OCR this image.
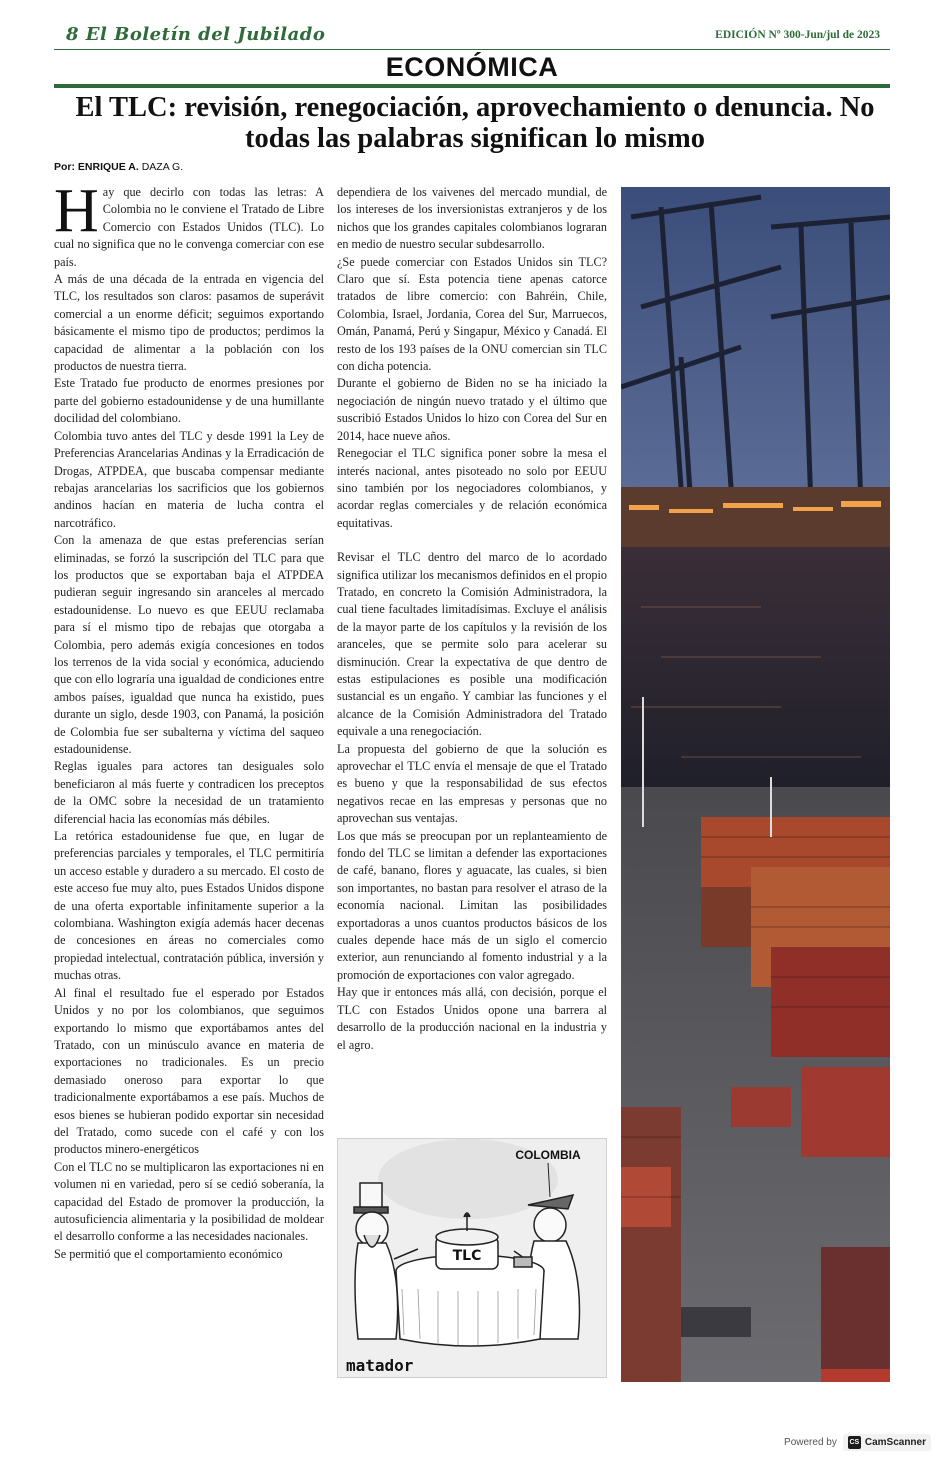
8 El Boletín del Jubilado	EDICIÓN Nº 300-Jun/jul de 2023
ECONÓMICA
El TLC: revisión, renegociación, aprovechamiento o denuncia. No todas las palabras significan lo mismo
Por: ENRIQUE A. DAZA G.

Hay que decirlo con todas las letras: A Colombia no le conviene el Tratado de Libre Comercio con Estados Unidos (TLC). Lo cual no significa que no le convenga comerciar con ese país.

A más de una década de la entrada en vigencia del TLC, los resultados son claros: pasamos de superávit comercial a un enorme déficit; seguimos exportando básicamente el mismo tipo de productos; perdimos la capacidad de alimentar a la población con los productos de nuestra tierra.

Este Tratado fue producto de enormes presiones por parte del gobierno estadounidense y de una humillante docilidad del colombiano.

Colombia tuvo antes del TLC y desde 1991 la Ley de Preferencias Arancelarias Andinas y la Erradicación de Drogas, ATPDEA, que buscaba compensar mediante rebajas arancelarias los sacrificios que los gobiernos andinos hacían en materia de lucha contra el narcotráfico.

Con la amenaza de que estas preferencias serían eliminadas, se forzó la suscripción del TLC para que los productos que se exportaban baja el ATPDEA pudieran seguir ingresando sin aranceles al mercado estadounidense. Lo nuevo es que EEUU reclamaba para sí el mismo tipo de rebajas que otorgaba a Colombia, pero además exigía concesiones en todos los terrenos de la vida social y económica, aduciendo que con ello lograría una igualdad de condiciones entre ambos países, igualdad que nunca ha existido, pues durante un siglo, desde 1903, con Panamá, la posición de Colombia fue ser subalterna y víctima del saqueo estadounidense.

Reglas iguales para actores tan desiguales solo beneficiaron al más fuerte y contradicen los preceptos de la OMC sobre la necesidad de un tratamiento diferencial hacia las economías más débiles.

La retórica estadounidense fue que, en lugar de preferencias parciales y temporales, el TLC permitiría un acceso estable y duradero a su mercado. El costo de este acceso fue muy alto, pues Estados Unidos dispone de una oferta exportable infinitamente superior a la colombiana. Washington exigía además hacer decenas de concesiones en áreas no comerciales como propiedad intelectual, contratación pública, inversión y muchas otras.

Al final el resultado fue el esperado por Estados Unidos y no por los colombianos, que seguimos exportando lo mismo que exportábamos antes del Tratado, con un minúsculo avance en materia de exportaciones no tradicionales. Es un precio demasiado oneroso para exportar lo que tradicionalmente exportábamos a ese país. Muchos de esos bienes se hubieran podido exportar sin necesidad del Tratado, como sucede con el café y con los productos minero-energéticos

Con el TLC no se multiplicaron las exportaciones ni en volumen ni en variedad, pero sí se cedió soberanía, la capacidad del Estado de promover la producción, la autosuficiencia alimentaria y la posibilidad de moldear el desarrollo conforme a las necesidades nacionales.

Se permitió que el comportamiento económico

dependiera de los vaivenes del mercado mundial, de los intereses de los inversionistas extranjeros y de los nichos que los grandes capitales colombianos lograran en medio de nuestro secular subdesarrollo.

¿Se puede comerciar con Estados Unidos sin TLC? Claro que sí. Esta potencia tiene apenas catorce tratados de libre comercio: con Bahréin, Chile, Colombia, Israel, Jordania, Corea del Sur, Marruecos, Omán, Panamá, Perú y Singapur, México y Canadá. El resto de los 193 países de la ONU comercian sin TLC con dicha potencia.

Durante el gobierno de Biden no se ha iniciado la negociación de ningún nuevo tratado y el último que suscribió Estados Unidos lo hizo con Corea del Sur en 2014, hace nueve años.

Renegociar el TLC significa poner sobre la mesa el interés nacional, antes pisoteado no solo por EEUU sino también por los negociadores colombianos, y acordar reglas comerciales y de relación económica equitativas.

Revisar el TLC dentro del marco de lo acordado significa utilizar los mecanismos definidos en el propio Tratado, en concreto la Comisión Administradora, la cual tiene facultades limitadísimas. Excluye el análisis de la mayor parte de los capítulos y la revisión de los aranceles, que se permite solo para acelerar su disminución. Crear la expectativa de que dentro de estas estipulaciones es posible una modificación sustancial es un engaño. Y cambiar las funciones y el alcance de la Comisión Administradora del Tratado equivale a una renegociación.

La propuesta del gobierno de que la solución es aprovechar el TLC envía el mensaje de que el Tratado es bueno y que la responsabilidad de sus efectos negativos recae en las empresas y personas que no aprovechan sus ventajas.

Los que más se preocupan por un replanteamiento de fondo del TLC se limitan a defender las exportaciones de café, banano, flores y aguacate, las cuales, si bien son importantes, no bastan para resolver el atraso de la economía nacional. Limitan las posibilidades exportadoras a unos cuantos productos básicos de los cuales depende hace más de un siglo el comercio exterior, aun renunciando al fomento industrial y a la promoción de exportaciones con valor agregado.

Hay que ir entonces más allá, con decisión, porque el TLC con Estados Unidos opone una barrera al desarrollo de la producción nacional en la industria y el agro.

COLOMBIA
TLC
matador
Powered by CS CamScanner
